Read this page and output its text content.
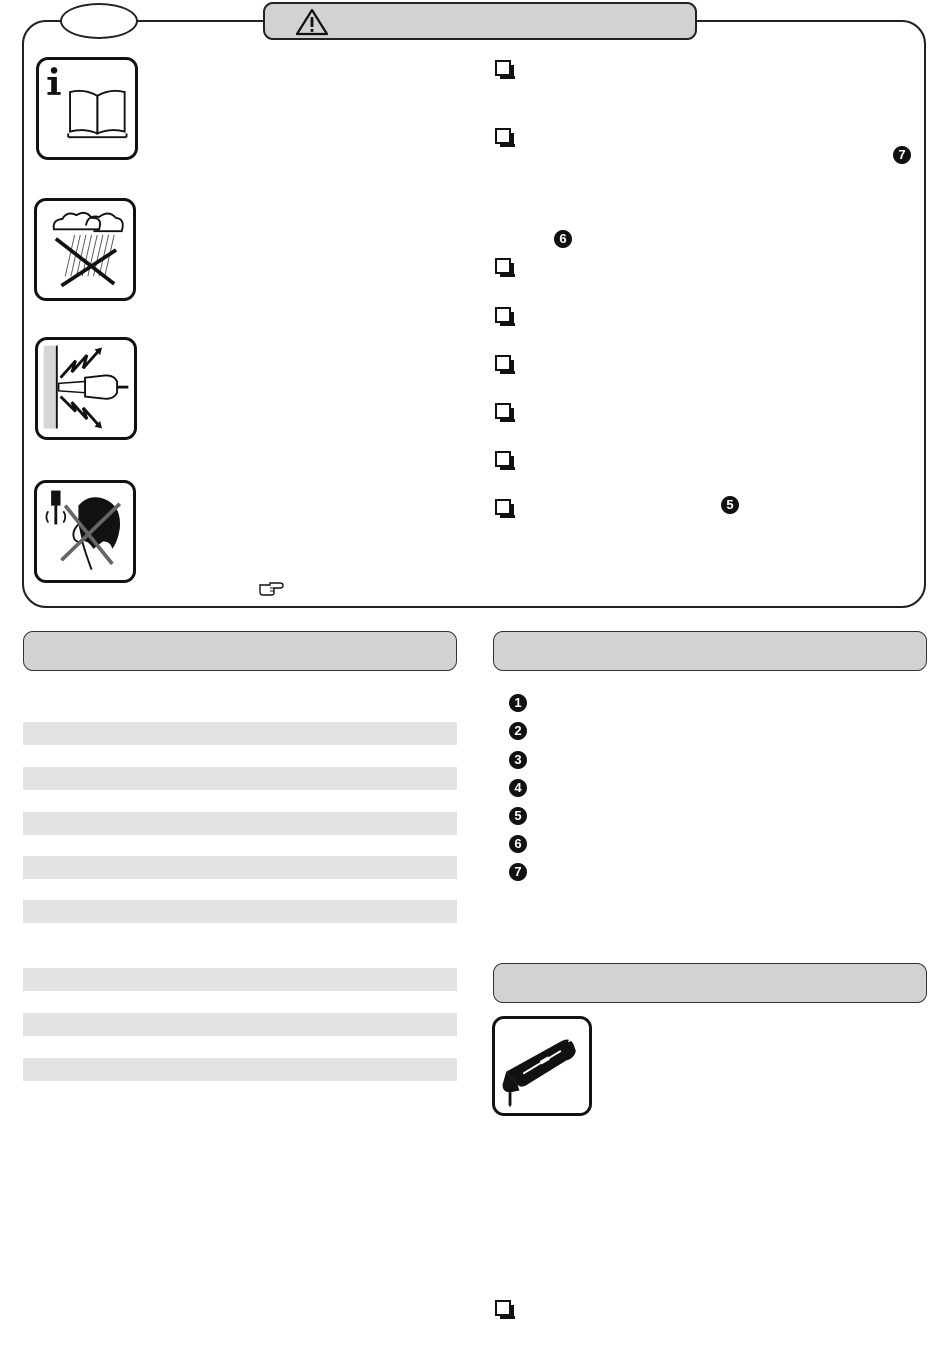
7
6
5
1
2
3
4
5
6
7
